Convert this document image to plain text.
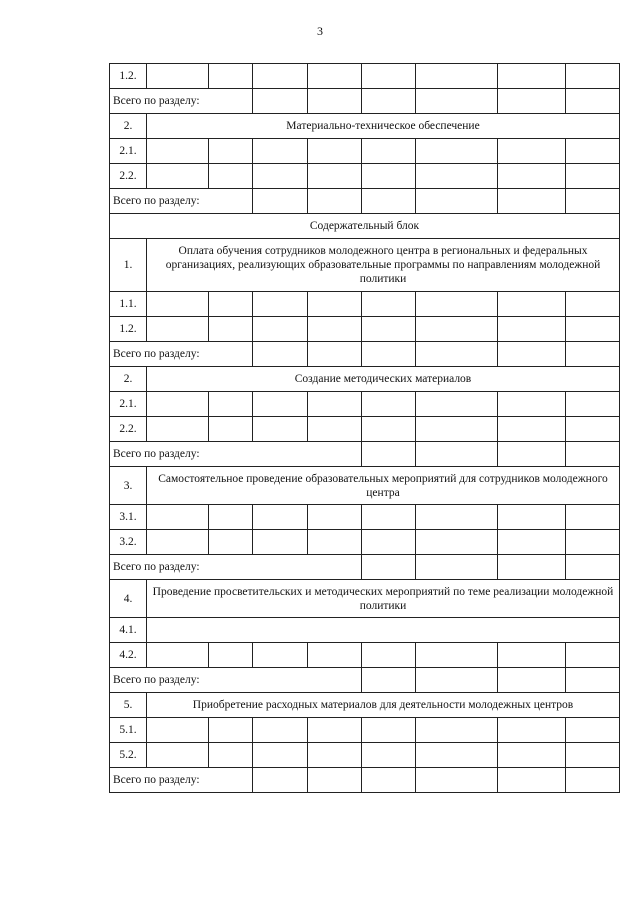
3
1.2.								
Всего по разделу:								
2.	Материально-техническое обеспечение							
2.1.								
2.2.								
Всего по разделу:								
Содержательный блок								
1.	Оплата обучения сотрудников молодежного центра в региональных и федеральных организациях, реализующих образовательные программы по направлениям молодежной политики							
1.1.								
1.2.								
Всего по разделу:								
2.	Создание методических материалов							
2.1.								
2.2.								
Всего по разделу:								
3.	Самостоятельное проведение образовательных мероприятий для сотрудников молодежного центра							
3.1.								
3.2.								
Всего по разделу:								
4.	Проведение просветительских и методических мероприятий по теме реализации молодежной политики							
4.1.								
4.2.								
Всего по разделу:								
5.	Приобретение расходных материалов для деятельности молодежных центров							
5.1.								
5.2.								
Всего по разделу:								
